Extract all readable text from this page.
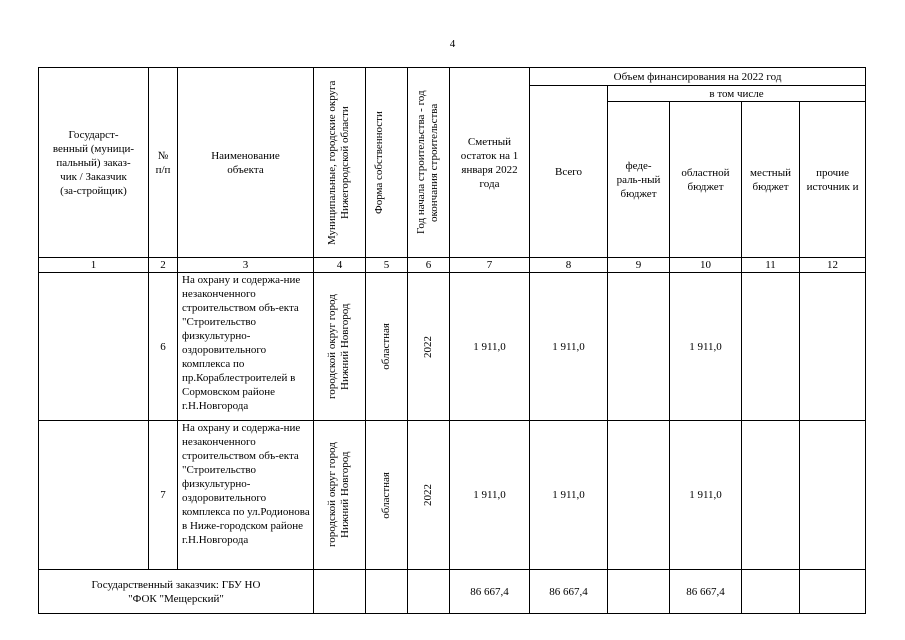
4
Государст-венный (муници-пальный) заказ-чик / Заказчик (за-стройщик)	№ п/п	Наименование объекта	Муниципальные, городские округа Нижегородской области	Форма собственности	Год начала строительства - год окончания строительства	Сметный остаток на 1 января 2022 года	Объем финансирования на 2022 год				
							Всего	в том числе			

								феде-раль-ный бюджет	областной бюджет	местный бюджет	прочие источник и

1	2	3	4	5	6	7	8	9	10	11	12
	6	На охрану и содержа-ние незаконченного строительством объ-екта "Строительство физкультурно-оздоровительного комплекса по пр.Кораблестроителей в Сормовском районе г.Н.Новгорода	городской округ город Нижний Новгород	областная	2022	1 911,0	1 911,0		1 911,0		
	7	На охрану и содержа-ние незаконченного строительством объ-екта "Строительство физкультурно-оздоровительного комплекса по ул.Родионова в Ниже-городском районе г.Н.Новгорода	городской округ город Нижний Новгород	областная	2022	1 911,0	1 911,0		1 911,0		

Государственный заказчик: ГБУ НО "ФОК "Мещерский"						86 667,4	86 667,4		86 667,4		
